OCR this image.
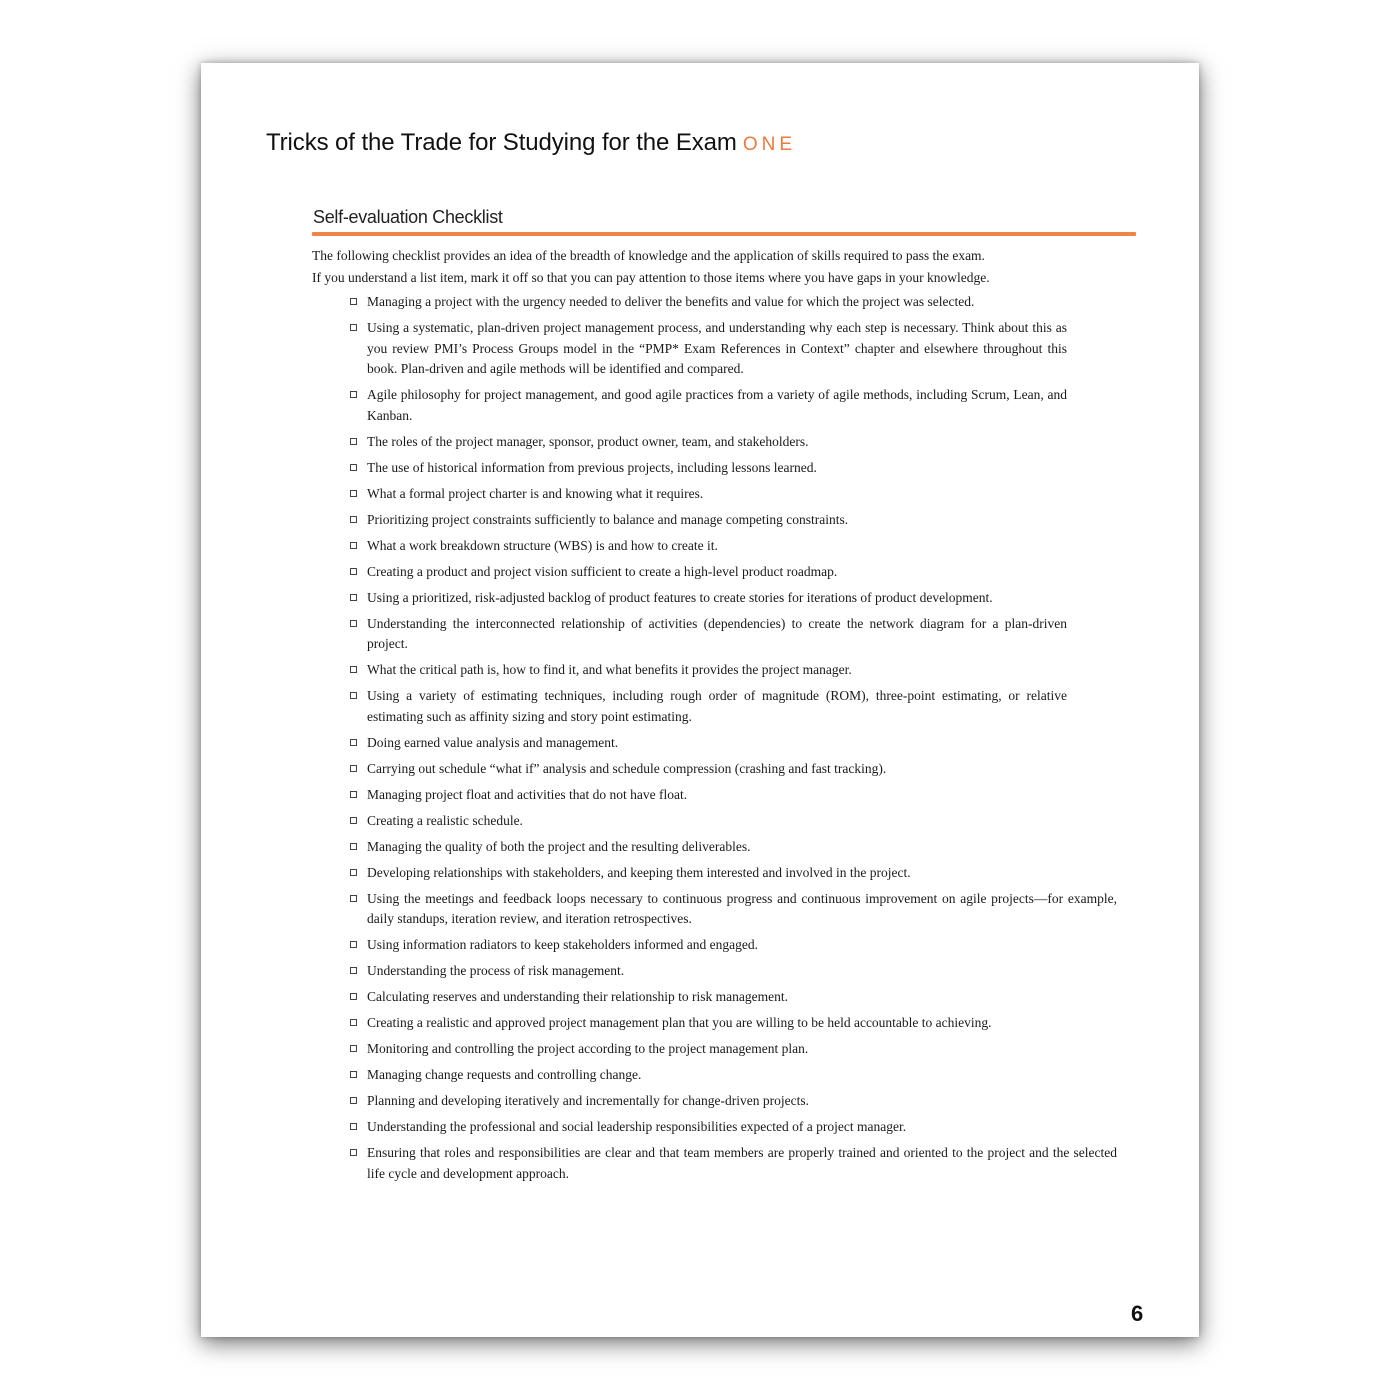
Tricks of the Trade for Studying for the Exam ONE
Self-evaluation Checklist

The following checklist provides an idea of the breadth of knowledge and the application of skills required to pass the exam.

If you understand a list item, mark it off so that you can pay attention to those items where you have gaps in your knowledge.

Managing a project with the urgency needed to deliver the benefits and value for which the project was selected.
Using a systematic, plan-driven project management process, and understanding why each step is necessary. Think about this as you review PMI’s Process Groups model in the “PMP* Exam References in Context” chapter and elsewhere throughout this book. Plan-driven and agile methods will be identified and compared.
Agile philosophy for project management, and good agile practices from a variety of agile methods, including Scrum, Lean, and Kanban.
The roles of the project manager, sponsor, product owner, team, and stakeholders.
The use of historical information from previous projects, including lessons learned.
What a formal project charter is and knowing what it requires.
Prioritizing project constraints sufficiently to balance and manage competing constraints.
What a work breakdown structure (WBS) is and how to create it.
Creating a product and project vision sufficient to create a high-level product roadmap.
Using a prioritized, risk-adjusted backlog of product features to create stories for iterations of product development.
Understanding the interconnected relationship of activities (dependencies) to create the network diagram for a plan-driven project.
What the critical path is, how to find it, and what benefits it provides the project manager.
Using a variety of estimating techniques, including rough order of magnitude (ROM), three-point estimating, or relative estimating such as affinity sizing and story point estimating.
Doing earned value analysis and management.
Carrying out schedule “what if” analysis and schedule compression (crashing and fast tracking).
Managing project float and activities that do not have float.
Creating a realistic schedule.
Managing the quality of both the project and the resulting deliverables.
Developing relationships with stakeholders, and keeping them interested and involved in the project.
Using the meetings and feedback loops necessary to continuous progress and continuous improvement on agile projects—for example, daily standups, iteration review, and iteration retrospectives.
Using information radiators to keep stakeholders informed and engaged.
Understanding the process of risk management.
Calculating reserves and understanding their relationship to risk management.
Creating a realistic and approved project management plan that you are willing to be held accountable to achieving.
Monitoring and controlling the project according to the project management plan.
Managing change requests and controlling change.
Planning and developing iteratively and incrementally for change-driven projects.
Understanding the professional and social leadership responsibilities expected of a project manager.
Ensuring that roles and responsibilities are clear and that team members are properly trained and oriented to the project and the selected life cycle and development approach.
6
